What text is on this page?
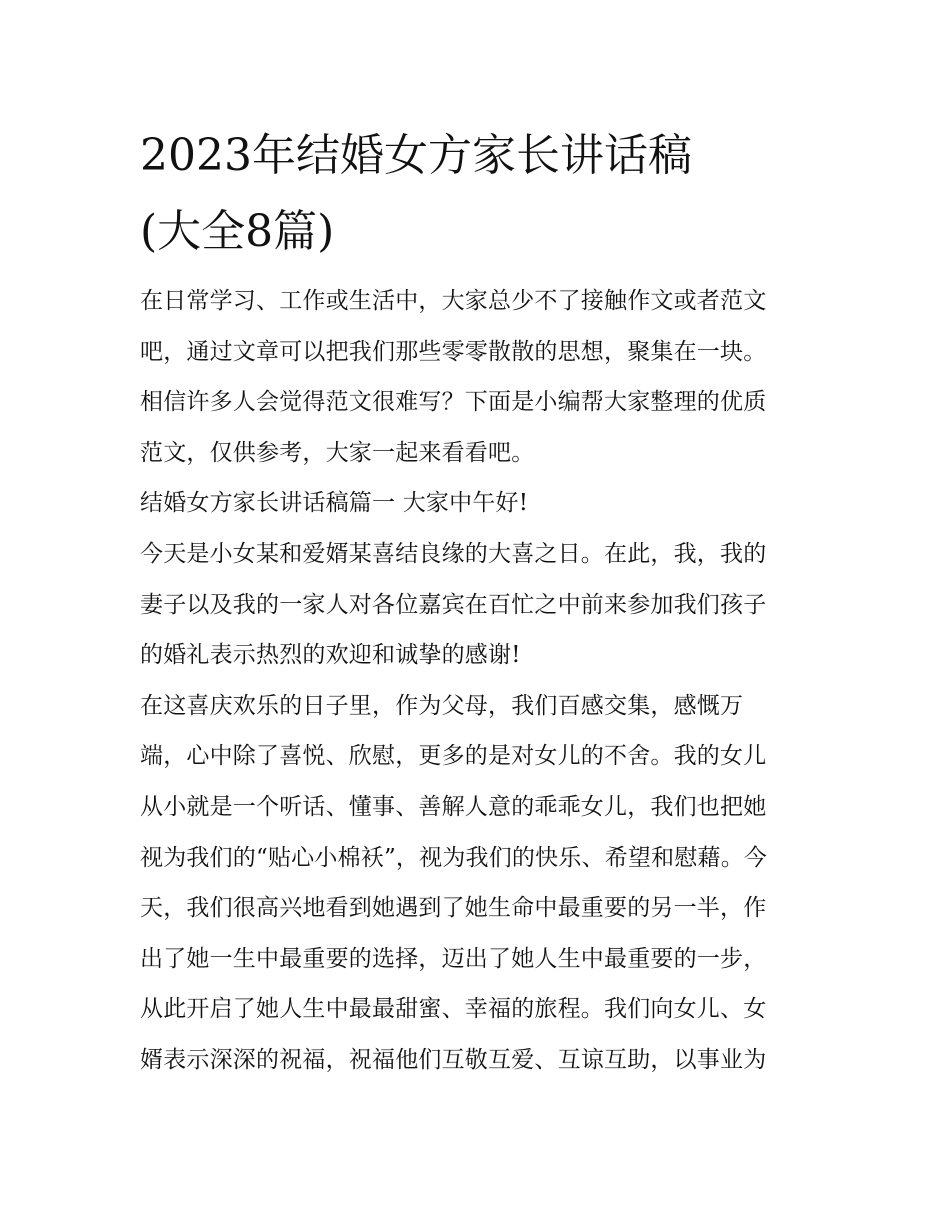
2023年结婚女方家长讲话稿
(大全8篇)
在日常学习、工作或生活中，大家总少不了接触作文或者范文
吧，通过文章可以把我们那些零零散散的思想，聚集在一块。
相信许多人会觉得范文很难写？下面是小编帮大家整理的优质
范文，仅供参考，大家一起来看看吧。
结婚女方家长讲话稿篇一 大家中午好!
今天是小女某和爱婿某喜结良缘的大喜之日。在此，我，我的
妻子以及我的一家人对各位嘉宾在百忙之中前来参加我们孩子
的婚礼表示热烈的欢迎和诚挚的感谢!
在这喜庆欢乐的日子里，作为父母，我们百感交集，感慨万
端，心中除了喜悦、欣慰，更多的是对女儿的不舍。我的女儿
从小就是一个听话、懂事、善解人意的乖乖女儿，我们也把她
视为我们的“贴心小棉袄”，视为我们的快乐、希望和慰藉。今
天，我们很高兴地看到她遇到了她生命中最重要的另一半，作
出了她一生中最重要的选择，迈出了她人生中最重要的一步，
从此开启了她人生中最最甜蜜、幸福的旅程。我们向女儿、女
婿表示深深的祝福，祝福他们互敬互爱、互谅互助，以事业为
